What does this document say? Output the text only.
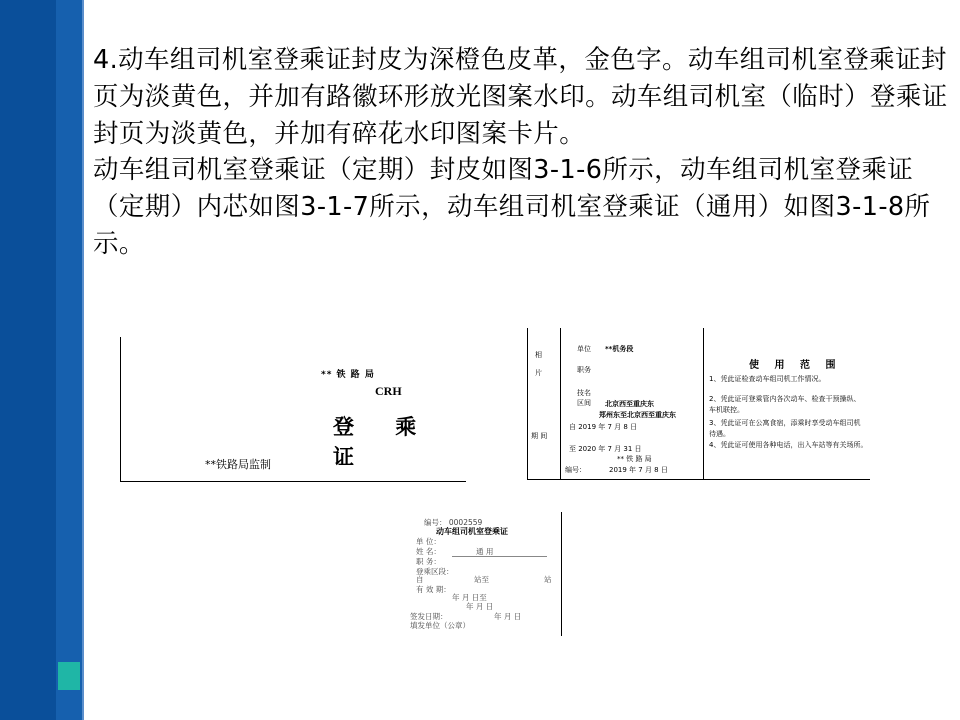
4.动车组司机室登乘证封皮为深橙色皮革，金色字。动车组司机室登乘证封页为淡黄色，并加有路徽环形放光图案水印。动车组司机室（临时）登乘证封页为淡黄色，并加有碎花水印图案卡片。

动车组司机室登乘证（定期）封皮如图3-1-6所示，动车组司机室登乘证（定期）内芯如图3-1-7所示，动车组司机室登乘证（通用）如图3-1-8所示。

** 铁 路 局
CRH
登 乘 证
**铁路局监制
相
片
单位 **机务段
职务
技名
区间 北京西至重庆东
郑州东至北京西至重庆东
期 间
自 2019 年 7 月 8 日
至 2020 年 7 月 31 日
** 铁 路 局
编号：	2019 年 7 月 8 日
使 用 范 围
1、凭此证检查动车组司机工作情况。
2、凭此证可登乘管内各次动车、检查干预操纵、
车机联控。
3、凭此证可在公寓食宿，添乘时享受动车组司机
待遇。
4、凭此证可使用各种电话，出入车站等有关场所。
编号： 0002559
动车组司机室登乘证
单 位：
姓 名：	通 用
职 务：
登乘区段：
自	站至	站
有 效 期：
年 月 日至
年 月 日
签发日期：	年 月 日
填发单位（公章）
